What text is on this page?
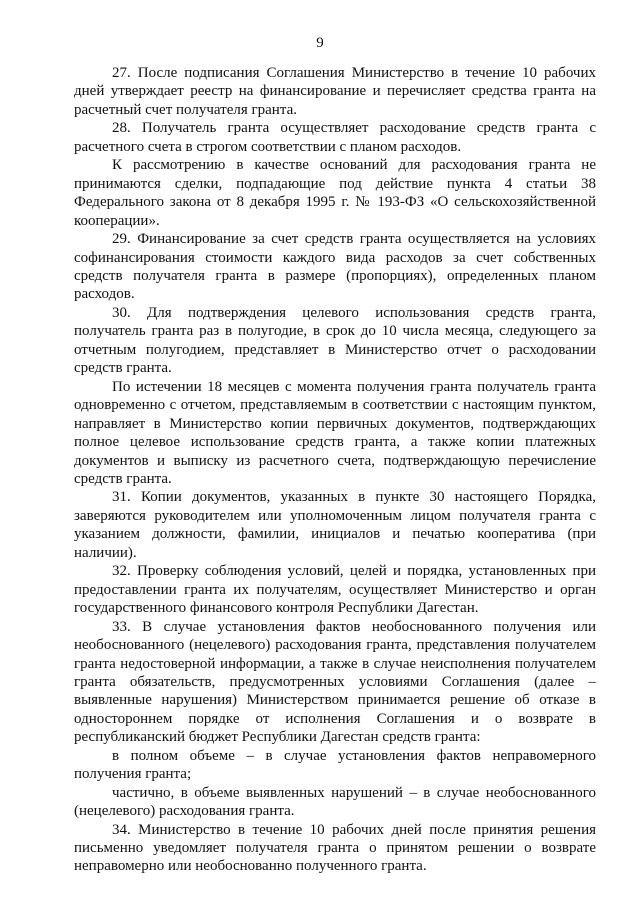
9

27. После подписания Соглашения Министерство в течение 10 рабочих дней утверждает реестр на финансирование и перечисляет средства гранта на расчетный счет получателя гранта.

28. Получатель гранта осуществляет расходование средств гранта с расчетного счета в строгом соответствии с планом расходов.

К рассмотрению в качестве оснований для расходования гранта не принимаются сделки, подпадающие под действие пункта 4 статьи 38 Федерального закона от 8 декабря 1995 г. № 193-ФЗ «О сельскохозяйственной кооперации».

29. Финансирование за счет средств гранта осуществляется на условиях софинансирования стоимости каждого вида расходов за счет собственных средств получателя гранта в размере (пропорциях), определенных планом расходов.

30. Для подтверждения целевого использования средств гранта, получатель гранта раз в полугодие, в срок до 10 числа месяца, следующего за отчетным полугодием, представляет в Министерство отчет о расходовании средств гранта.

По истечении 18 месяцев с момента получения гранта получатель гранта одновременно с отчетом, представляемым в соответствии с настоящим пунктом, направляет в Министерство копии первичных документов, подтверждающих полное целевое использование средств гранта, а также копии платежных документов и выписку из расчетного счета, подтверждающую перечисление средств гранта.

31. Копии документов, указанных в пункте 30 настоящего Порядка, заверяются руководителем или уполномоченным лицом получателя гранта с указанием должности, фамилии, инициалов и печатью кооператива (при наличии).

32. Проверку соблюдения условий, целей и порядка, установленных при предоставлении гранта их получателям, осуществляет Министерство и орган государственного финансового контроля Республики Дагестан.

33. В случае установления фактов необоснованного получения или необоснованного (нецелевого) расходования гранта, представления получателем гранта недостоверной информации, а также в случае неисполнения получателем гранта обязательств, предусмотренных условиями Соглашения (далее – выявленные нарушения) Министерством принимается решение об отказе в одностороннем порядке от исполнения Соглашения и о возврате в республиканский бюджет Республики Дагестан средств гранта:

в полном объеме – в случае установления фактов неправомерного получения гранта;

частично, в объеме выявленных нарушений – в случае необоснованного (нецелевого) расходования гранта.

34. Министерство в течение 10 рабочих дней после принятия решения письменно уведомляет получателя гранта о принятом решении о возврате неправомерно или необоснованно полученного гранта.
